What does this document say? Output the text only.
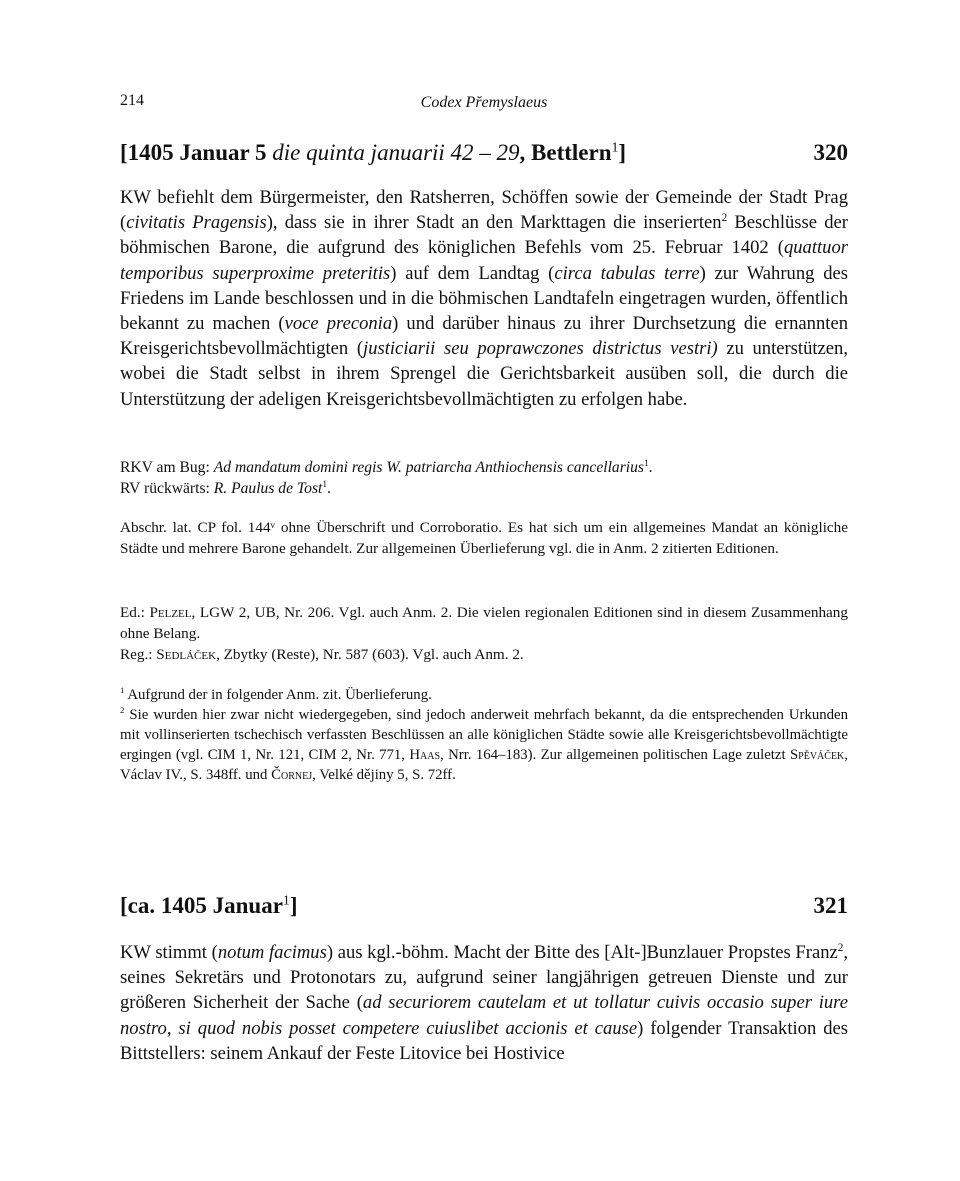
214	Codex Přemyslaeus
[1405 Januar 5 die quinta januarii 42 – 29, Bettlern$^1$]	320

KW befiehlt dem Bürgermeister, den Ratsherren, Schöffen sowie der Gemeinde der Stadt Prag (civitatis Pragensis), dass sie in ihrer Stadt an den Markttagen die inserierten$^2$ Beschlüsse der böhmischen Barone, die aufgrund des königlichen Befehls vom 25. Februar 1402 (quattuor temporibus superproxime preteritis) auf dem Landtag (circa tabulas terre) zur Wahrung des Friedens im Lande beschlossen und in die böhmischen Landtafeln eingetragen wurden, öffentlich bekannt zu machen (voce preconia) und darüber hinaus zu ihrer Durchsetzung die ernannten Kreisgerichtsbevollmächtigten (justiciarii seu poprawczones districtus vestri) zu unterstützen, wobei die Stadt selbst in ihrem Sprengel die Gerichtsbarkeit ausüben soll, die durch die Unterstützung der adeligen Kreisgerichtsbevollmächtigten zu erfolgen habe.

RKV am Bug: Ad mandatum domini regis W. patriarcha Anthiochensis cancellarius$^1$.
RV rückwärts: R. Paulus de Tost$^1$.

Abschr. lat. CP fol. 144ᵛ ohne Überschrift und Corroboratio. Es hat sich um ein allgemeines Mandat an königliche Städte und mehrere Barone gehandelt. Zur allgemeinen Überlieferung vgl. die in Anm. 2 zitierten Editionen.

Ed.: Pelzel, LGW 2, UB, Nr. 206. Vgl. auch Anm. 2. Die vielen regionalen Editionen sind in diesem Zusammenhang ohne Belang.
Reg.: Sedláček, Zbytky (Reste), Nr. 587 (603). Vgl. auch Anm. 2.

$^1$ Aufgrund der in folgender Anm. zit. Überlieferung.

$^2$ Sie wurden hier zwar nicht wiedergegeben, sind jedoch anderweit mehrfach bekannt, da die entsprechenden Urkunden mit vollinserierten tschechisch verfassten Beschlüssen an alle königlichen Städte sowie alle Kreisgerichtsbevollmächtigte ergingen (vgl. CIM 1, Nr. 121, CIM 2, Nr. 771, Haas, Nrr. 164–183). Zur allgemeinen politischen Lage zuletzt Spěváček, Václav IV., S. 348ff. und Čornej, Velké dějiny 5, S. 72ff.

[ca. 1405 Januar$^1$]	321

KW stimmt (notum facimus) aus kgl.-böhm. Macht der Bitte des [Alt-]Bunzlauer Propstes Franz$^2$, seines Sekretärs und Protonotars zu, aufgrund seiner langjährigen getreuen Dienste und zur größeren Sicherheit der Sache (ad securiorem cautelam et ut tollatur cuivis occasio super iure nostro, si quod nobis posset competere cuiuslibet accionis et cause) folgender Transaktion des Bittstellers: seinem Ankauf der Feste Litovice bei Hostivice
